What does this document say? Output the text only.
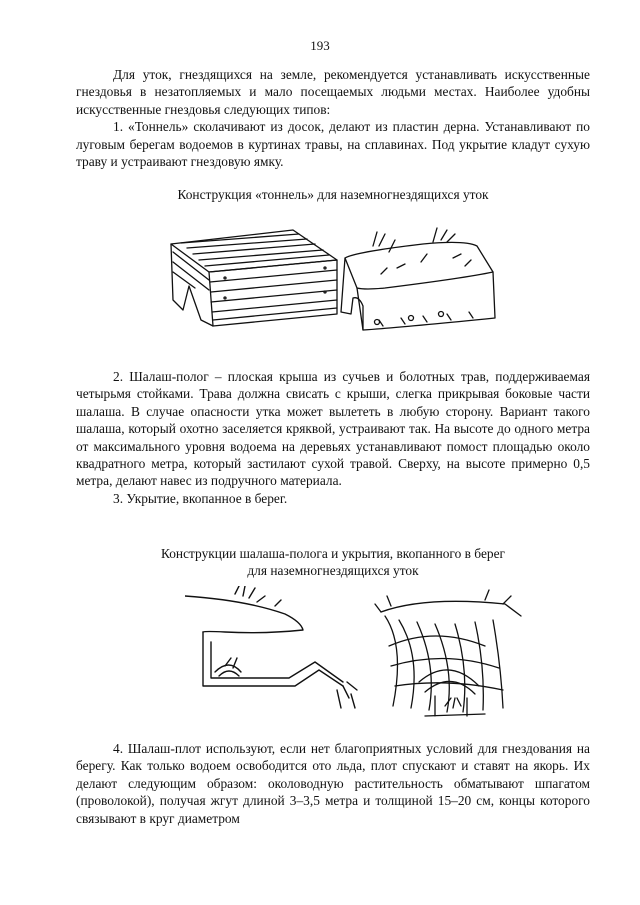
193

Для уток, гнездящихся на земле, рекомендуется устанавливать искусственные гнездовья в незатопляемых и мало посещаемых людьми местах. Наиболее удобны искусственные гнездовья следующих типов:

1. «Тоннель» сколачивают из досок, делают из пластин дерна. Устанавливают по луговым берегам водоемов в куртинах травы, на сплавинах. Под укрытие кладут сухую траву и устраивают гнездовую ямку.

Конструкция «тоннель» для наземногнездящихся уток

2. Шалаш-полог – плоская крыша из сучьев и болотных трав, поддерживаемая четырьмя стойками. Трава должна свисать с крыши, слегка прикрывая боковые части шалаша. В случае опасности утка может вылететь в любую сторону. Вариант такого шалаша, который охотно заселяется кряквой, устраивают так. На высоте до одного метра от максимального уровня водоема на деревьях устанавливают помост площадью около квадратного метра, который застилают сухой травой. Сверху, на высоте примерно 0,5 метра, делают навес из подручного материала.

3. Укрытие, вкопанное в берег.

Конструкции шалаша-полога и укрытия, вкопанного в берег
для наземногнездящихся уток

4. Шалаш-плот используют, если нет благоприятных условий для гнездования на берегу. Как только водоем освободится ото льда, плот спускают и ставят на якорь. Их делают следующим образом: околоводную растительность обматывают шпагатом (проволокой), получая жгут длиной 3–3,5 метра и толщиной 15–20 см, концы которого связывают в круг диаметром
